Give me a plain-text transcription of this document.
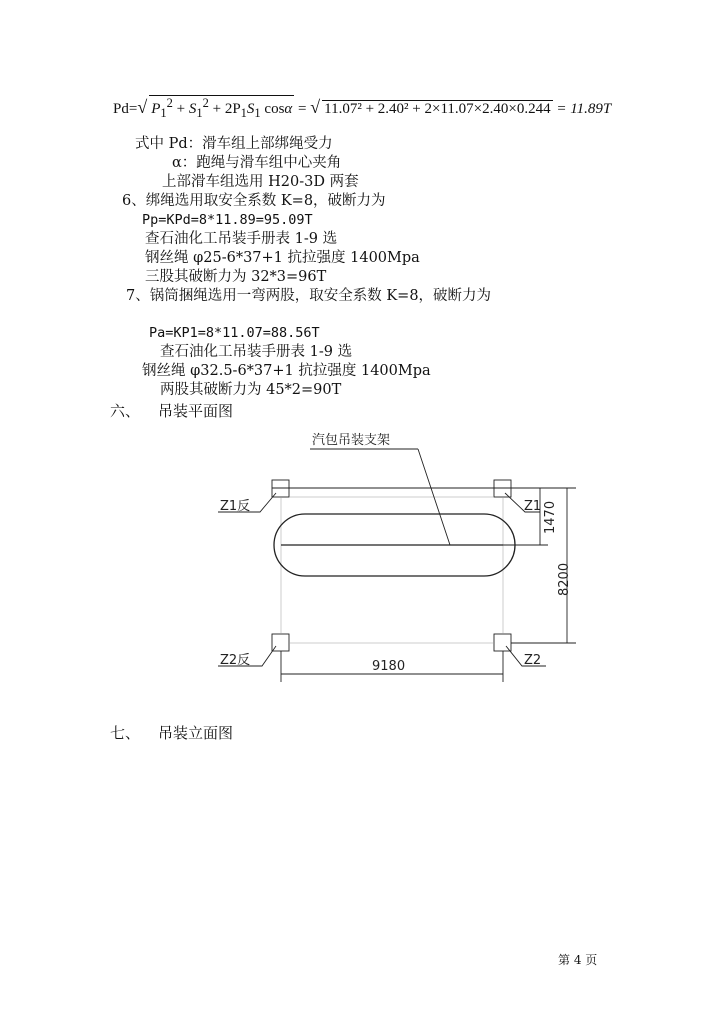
Pd=√ $P_1^2 + S_1^2 + 2P_1S_1$ cosα = √ 11.07² + 2.40² + 2×11.07×2.40×0.244 = 11.89T
式中 Pd：滑车组上部绑绳受力
α：跑绳与滑车组中心夹角
上部滑车组选用 H20-3D 两套
6、绑绳选用取安全系数 K=8，破断力为
Pp=KPd=8*11.89=95.09T
查石油化工吊装手册表 1-9 选
钢丝绳 φ25-6*37+1 抗拉强度 1400Mpa
三股其破断力为 32*3=96T
7、锅筒捆绳选用一弯两股，取安全系数 K=8，破断力为
Pa=KP1=8*11.07=88.56T
查石油化工吊装手册表 1-9 选
钢丝绳 φ32.5-6*37+1 抗拉强度 1400Mpa
两股其破断力为 45*2=90T
六、 吊装平面图
汽包吊装支架
Z1反	Z1
Z2反	Z2
1470
8200
9180
七、 吊装立面图
第 4 页
